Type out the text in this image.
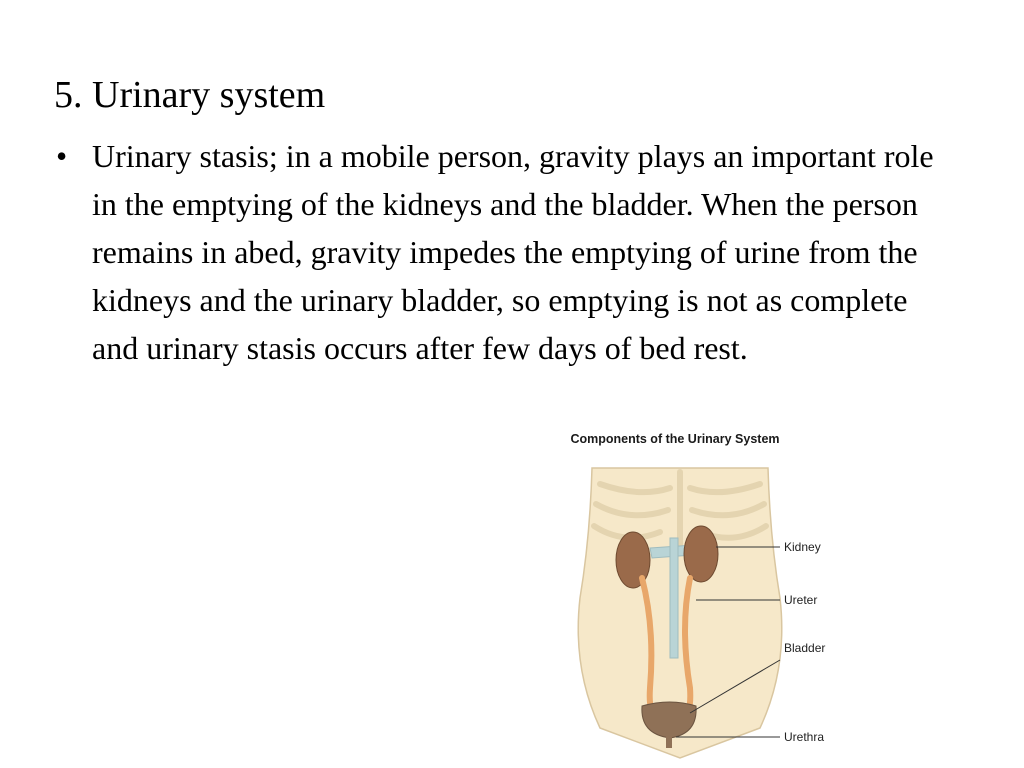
5. Urinary system
• Urinary stasis; in a mobile person, gravity plays an important role in the emptying of the kidneys and the bladder. When the person remains in abed, gravity impedes the emptying of urine from the kidneys and the urinary bladder, so emptying is not as complete and urinary stasis occurs after few days of bed rest.
Components of the Urinary System
Kidney
Ureter
Bladder
Urethra
